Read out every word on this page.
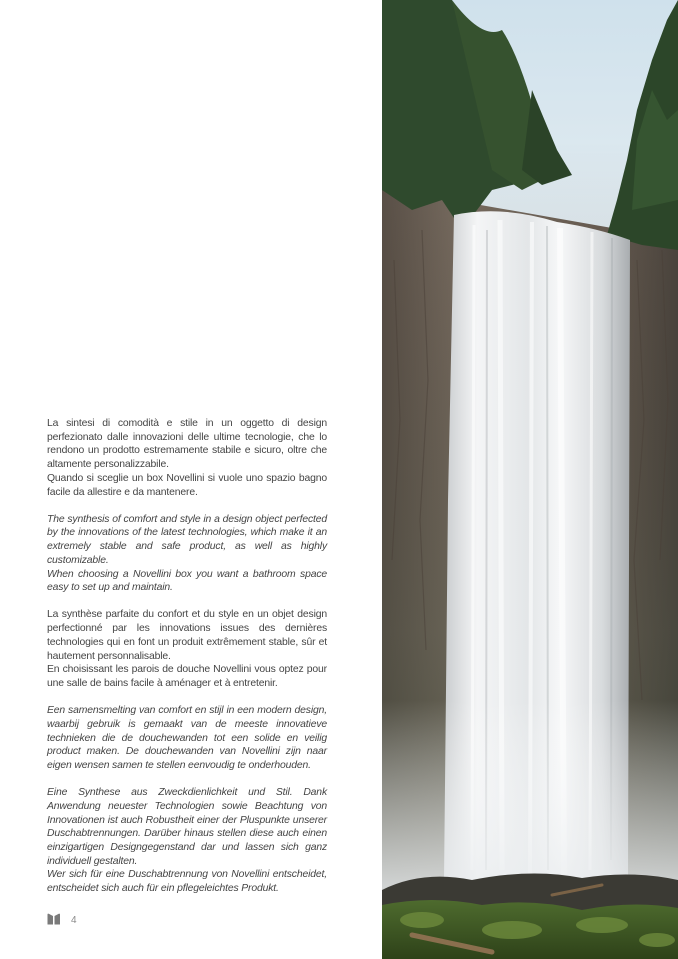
La sintesi di comodità e stile in un oggetto di design perfezionato dalle innovazioni delle ultime tecnologie, che lo rendono un prodotto estremamente stabile e sicuro, oltre che altamente personalizzabile.
Quando si sceglie un box Novellini si vuole uno spazio bagno facile da allestire e da mantenere.
The synthesis of comfort and style in a design object perfected by the innovations of the latest technologies, which make it an extremely stable and safe product, as well as highly customizable.
When choosing a Novellini box you want a bathroom space easy to set up and maintain.
La synthèse parfaite du confort et du style en un objet design perfectionné par les innovations issues des dernières technologies qui en font un produit extrêmement stable, sûr et hautement personnalisable.
En choisissant les parois de douche Novellini vous optez pour une salle de bains facile à aménager et à entretenir.
Een samensmelting van comfort en stijl in een modern design, waarbij gebruik is gemaakt van de meeste innovatieve technieken die de douchewanden tot een solide en veilig product maken. De douchewanden van Novellini zijn naar eigen wensen samen te stellen eenvoudig te onderhouden.
Eine Synthese aus Zweckdienlichkeit und Stil. Dank Anwendung neuester Technologien sowie Beachtung von Innovationen ist auch Robustheit einer der Pluspunkte unserer Duschabtrennungen. Darüber hinaus stellen diese auch einen einzigartigen Designgegenstand dar und lassen sich ganz individuell gestalten.
Wer sich für eine Duschabtrennung von Novellini entscheidet, entscheidet sich auch für ein pflegeleichtes Produkt.
4
